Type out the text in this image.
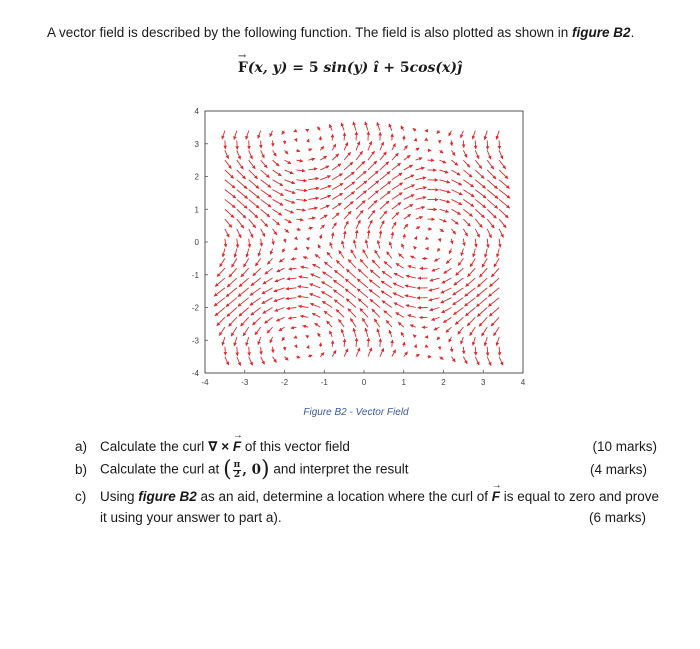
A vector field is described by the following function. The field is also plotted as shown in figure B2.
F →(x, y) = 5 sin(y) î + 5cos(x)ĵ
-4	-3	-2	-1	0	1	2	3	4
4
3
2
1
0
-1
-2
-3
-4
Figure B2 - Vector Field
a) Calculate the curl ∇ × F → of this vector field	(10 marks)
b) Calculate the curl at ( $\frac{\pi}{2}$ , 0 ) and interpret the result	(4 marks)
c) Using figure B2 as an aid, determine a location where the curl of F → is equal to zero and prove
it using your answer to part a).	(6 marks)
